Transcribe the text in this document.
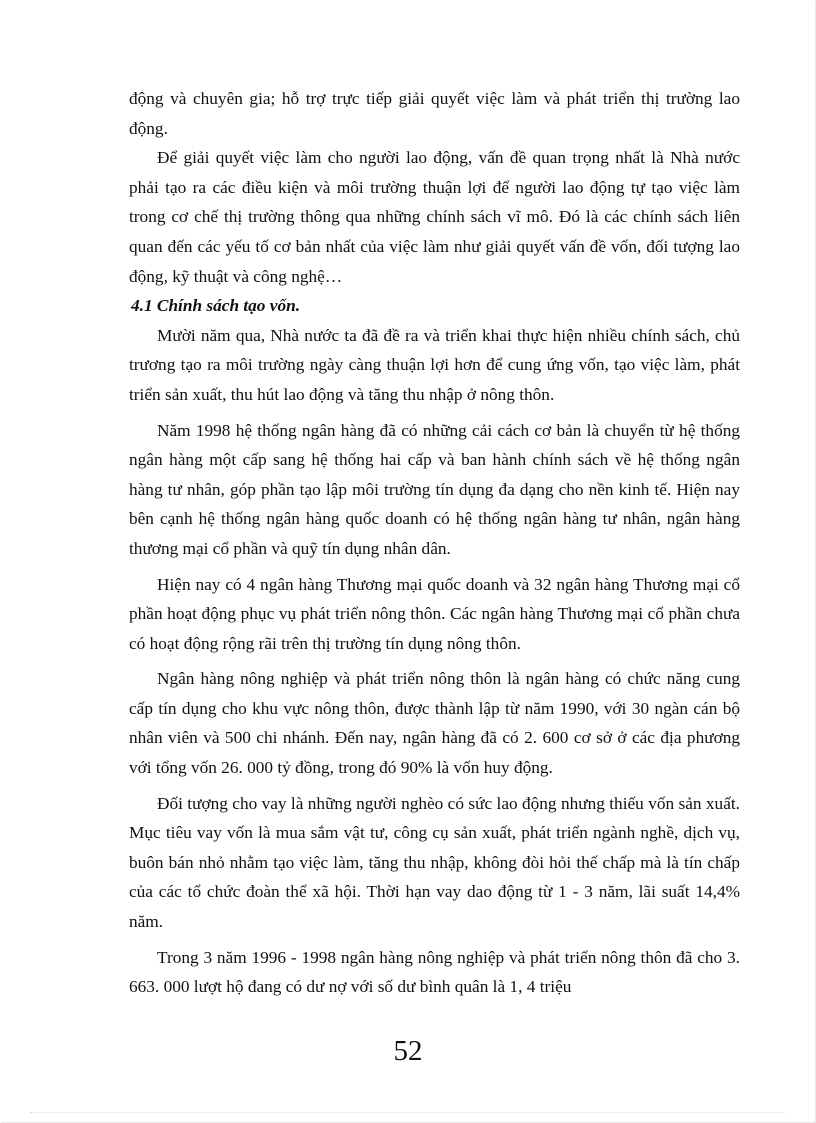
động và chuyên gia; hỗ trợ trực tiếp giải quyết việc làm và phát triển thị trường lao động.

Để giải quyết việc làm cho người lao động, vấn đề quan trọng nhất là Nhà nước phải tạo ra các điều kiện và môi trường thuận lợi để người lao động tự tạo việc làm trong cơ chế thị trường thông qua những chính sách vĩ mô. Đó là các chính sách liên quan đến các yếu tố cơ bản nhất của việc làm như giải quyết vấn đề vốn, đối tượng lao động, kỹ thuật và công nghệ…

4.1 Chính sách tạo vốn.

Mười năm qua, Nhà nước ta đã đề ra và triển khai thực hiện nhiều chính sách, chủ trương tạo ra môi trường ngày càng thuận lợi hơn để cung ứng vốn, tạo việc làm, phát triển sản xuất, thu hút lao động và tăng thu nhập ở nông thôn.

Năm 1998 hệ thống ngân hàng đã có những cải cách cơ bản là chuyển từ hệ thống ngân hàng một cấp sang hệ thống hai cấp và ban hành chính sách về hệ thống ngân hàng tư nhân, góp phần tạo lập môi trường tín dụng đa dạng cho nền kinh tế. Hiện nay bên cạnh hệ thống ngân hàng quốc doanh có hệ thống ngân hàng tư nhân, ngân hàng thương mại cổ phần và quỹ tín dụng nhân dân.

Hiện nay có 4 ngân hàng Thương mại quốc doanh và 32 ngân hàng Thương mại cổ phần hoạt động phục vụ phát triển nông thôn. Các ngân hàng Thương mại cổ phần chưa có hoạt động rộng rãi trên thị trường tín dụng nông thôn.

Ngân hàng nông nghiệp và phát triển nông thôn là ngân hàng có chức năng cung cấp tín dụng cho khu vực nông thôn, được thành lập từ năm 1990, với 30 ngàn cán bộ nhân viên và 500 chi nhánh. Đến nay, ngân hàng đã có 2. 600 cơ sở ở các địa phương với tổng vốn 26. 000 tỷ đồng, trong đó 90% là vốn huy động.

Đối tượng cho vay là những người nghèo có sức lao động nhưng thiếu vốn sản xuất. Mục tiêu vay vốn là mua sắm vật tư, công cụ sản xuất, phát triển ngành nghề, dịch vụ, buôn bán nhỏ nhằm tạo việc làm, tăng thu nhập, không đòi hỏi thế chấp mà là tín chấp của các tổ chức đoàn thể xã hội. Thời hạn vay dao động từ 1 - 3 năm, lãi suất 14,4% năm.

Trong 3 năm 1996 - 1998 ngân hàng nông nghiệp và phát triển nông thôn đã cho 3. 663. 000 lượt hộ đang có dư nợ với số dư bình quân là 1, 4 triệu

52
